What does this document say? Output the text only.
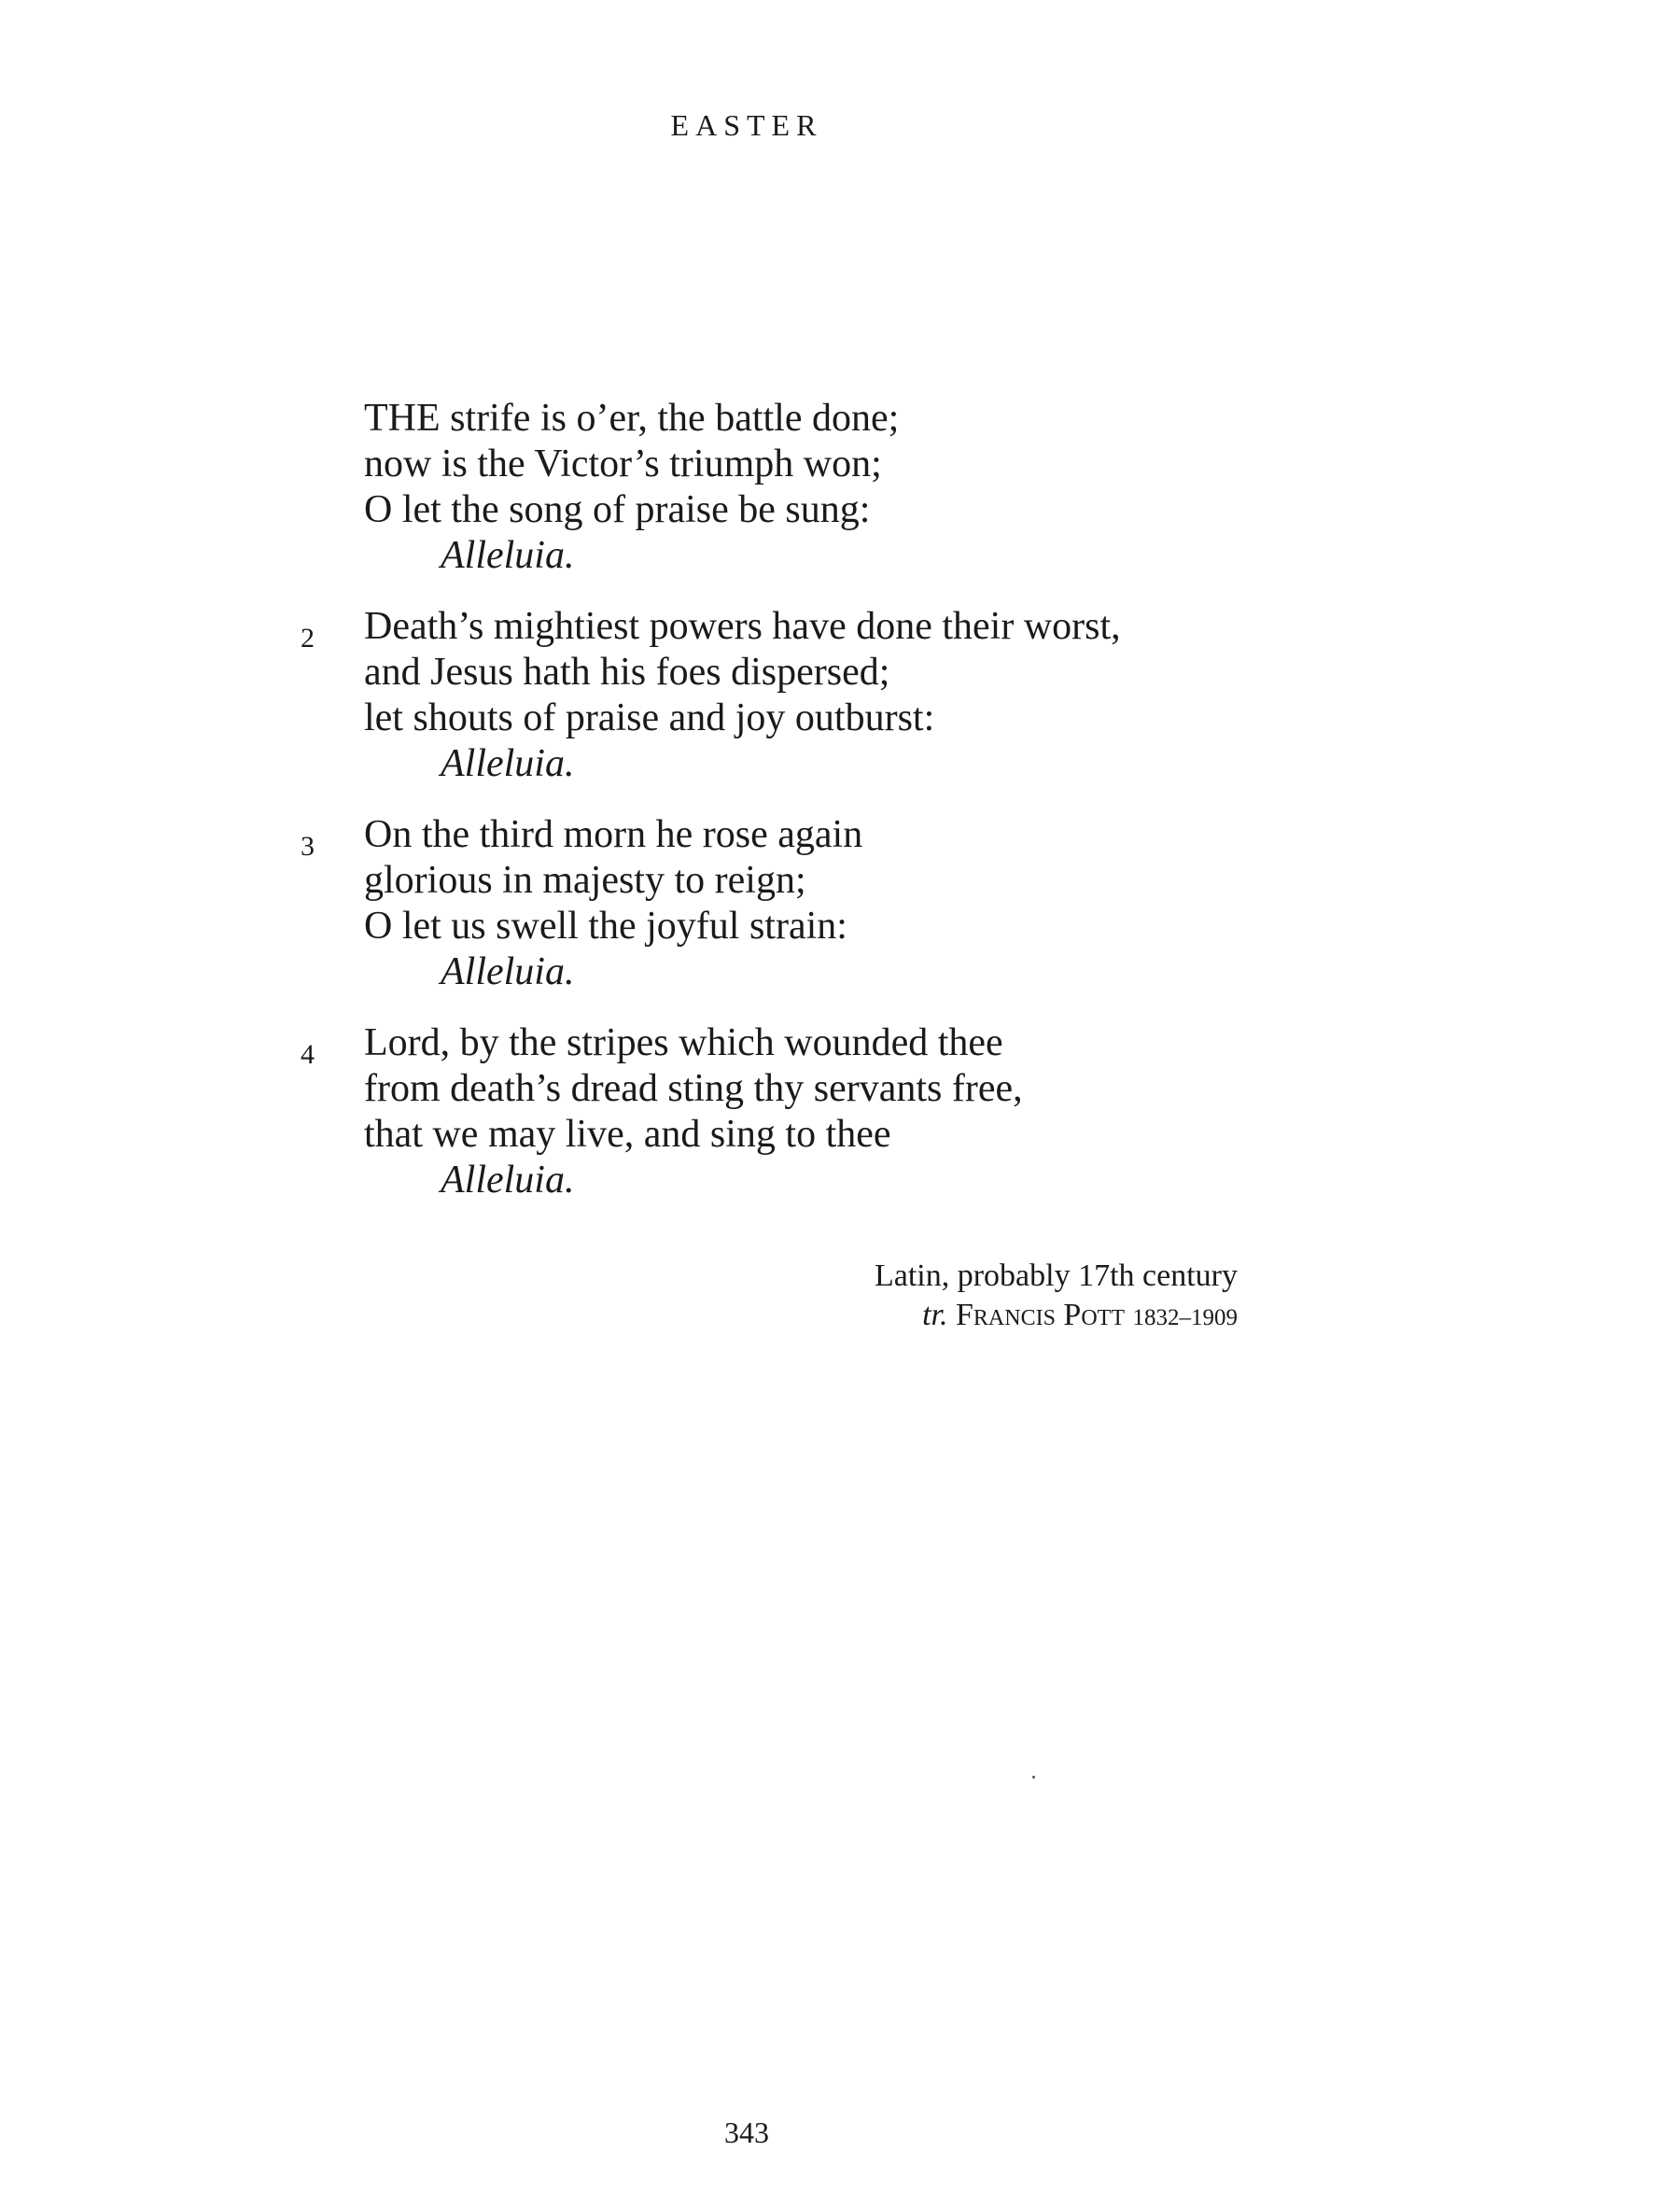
EASTER
THE strife is o’er, the battle done;
now is the Victor’s triumph won;
O let the song of praise be sung:
Alleluia.
2 Death’s mightiest powers have done their worst,
and Jesus hath his foes dispersed;
let shouts of praise and joy outburst:
Alleluia.
3 On the third morn he rose again
glorious in majesty to reign;
O let us swell the joyful strain:
Alleluia.
4 Lord, by the stripes which wounded thee
from death’s dread sting thy servants free,
that we may live, and sing to thee
Alleluia.
Latin, probably 17th century
tr. Francis Pott 1832–1909
343
